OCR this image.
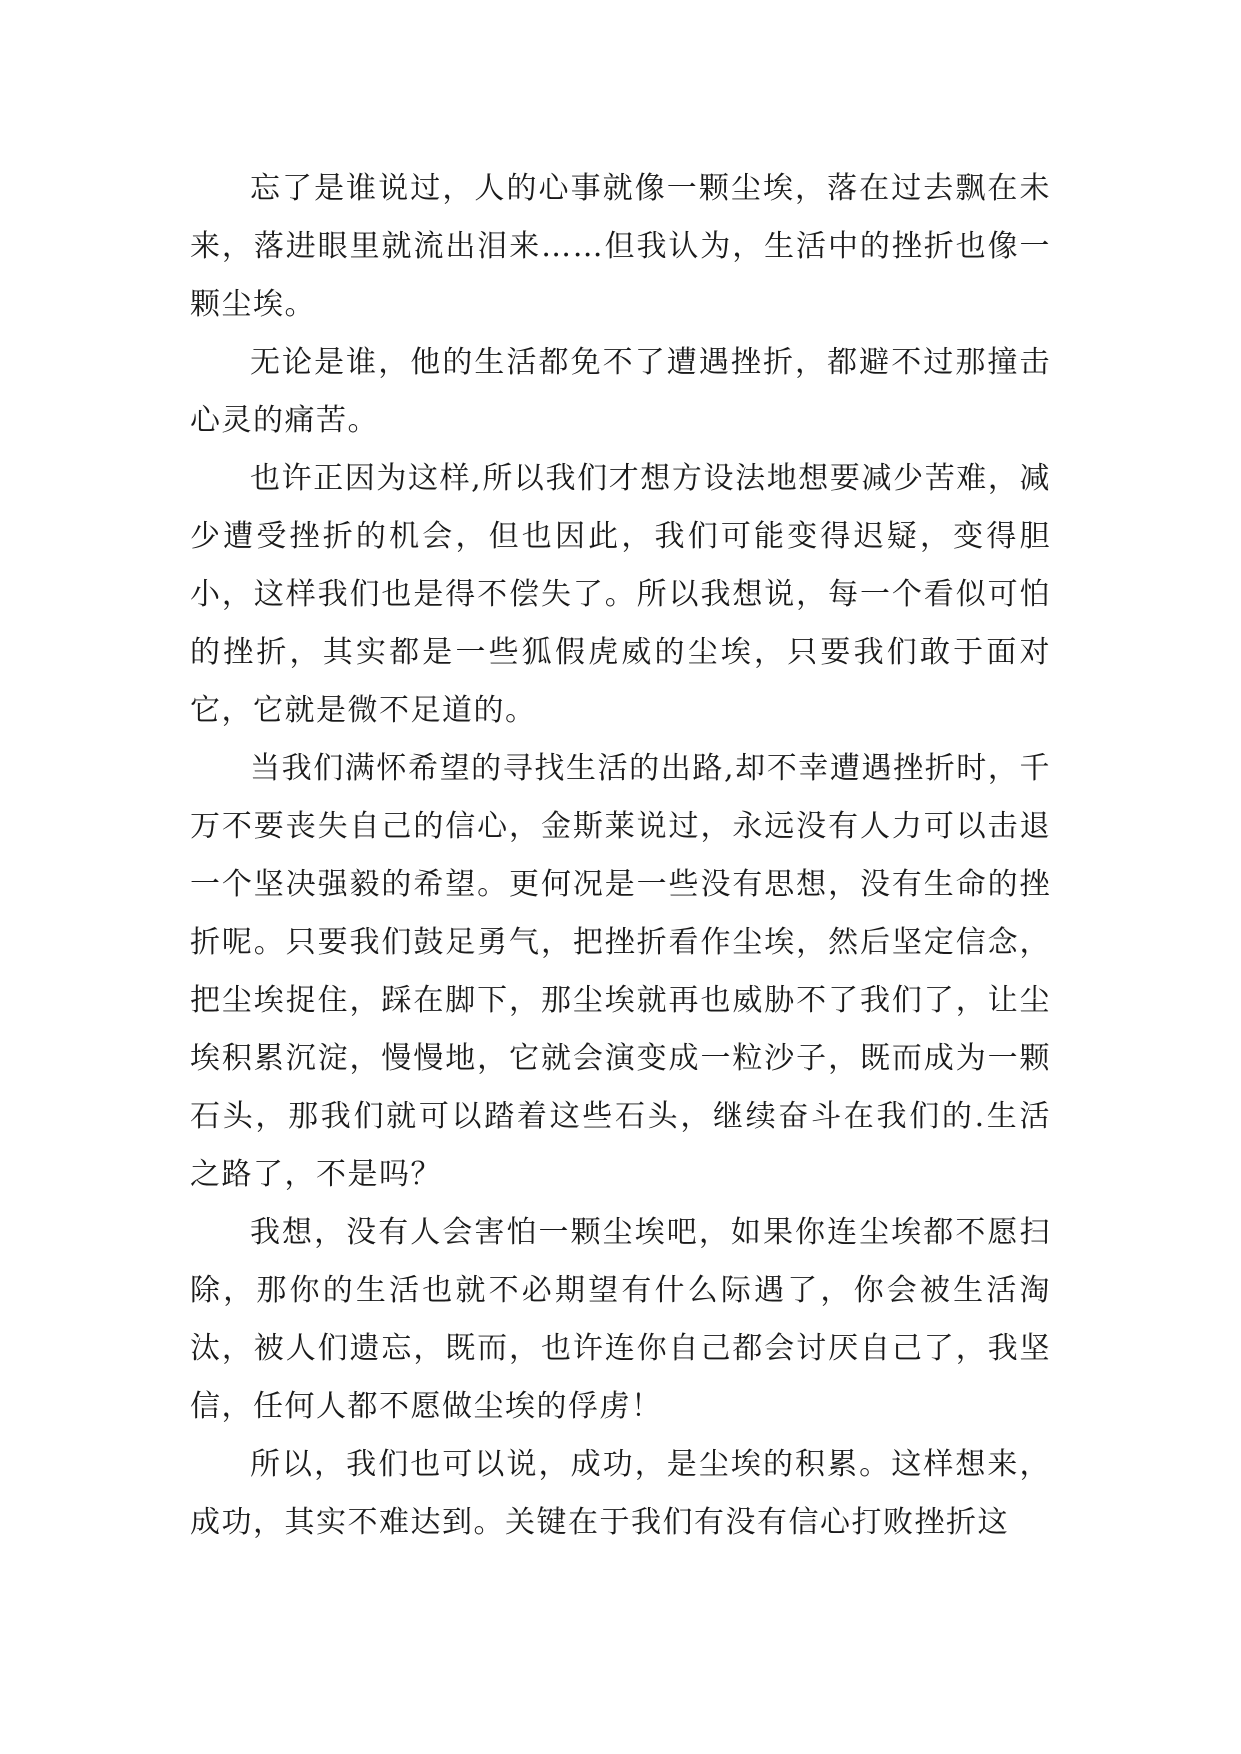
忘了是谁说过，人的心事就像一颗尘埃，落在过去飘在未来，落进眼里就流出泪来……但我认为，生活中的挫折也像一颗尘埃。

无论是谁，他的生活都免不了遭遇挫折，都避不过那撞击心灵的痛苦。

也许正因为这样,所以我们才想方设法地想要减少苦难，减少遭受挫折的机会，但也因此，我们可能变得迟疑，变得胆小，这样我们也是得不偿失了。所以我想说，每一个看似可怕的挫折，其实都是一些狐假虎威的尘埃，只要我们敢于面对它，它就是微不足道的。

当我们满怀希望的寻找生活的出路,却不幸遭遇挫折时，千万不要丧失自己的信心，金斯莱说过，永远没有人力可以击退一个坚决强毅的希望。更何况是一些没有思想，没有生命的挫折呢。只要我们鼓足勇气，把挫折看作尘埃，然后坚定信念，把尘埃捉住，踩在脚下，那尘埃就再也威胁不了我们了，让尘埃积累沉淀，慢慢地，它就会演变成一粒沙子，既而成为一颗石头，那我们就可以踏着这些石头，继续奋斗在我们的.生活之路了，不是吗？

我想，没有人会害怕一颗尘埃吧，如果你连尘埃都不愿扫除，那你的生活也就不必期望有什么际遇了，你会被生活淘汰，被人们遗忘，既而，也许连你自己都会讨厌自己了，我坚信，任何人都不愿做尘埃的俘虏！

所以，我们也可以说，成功，是尘埃的积累。这样想来，成功，其实不难达到。关键在于我们有没有信心打败挫折这
